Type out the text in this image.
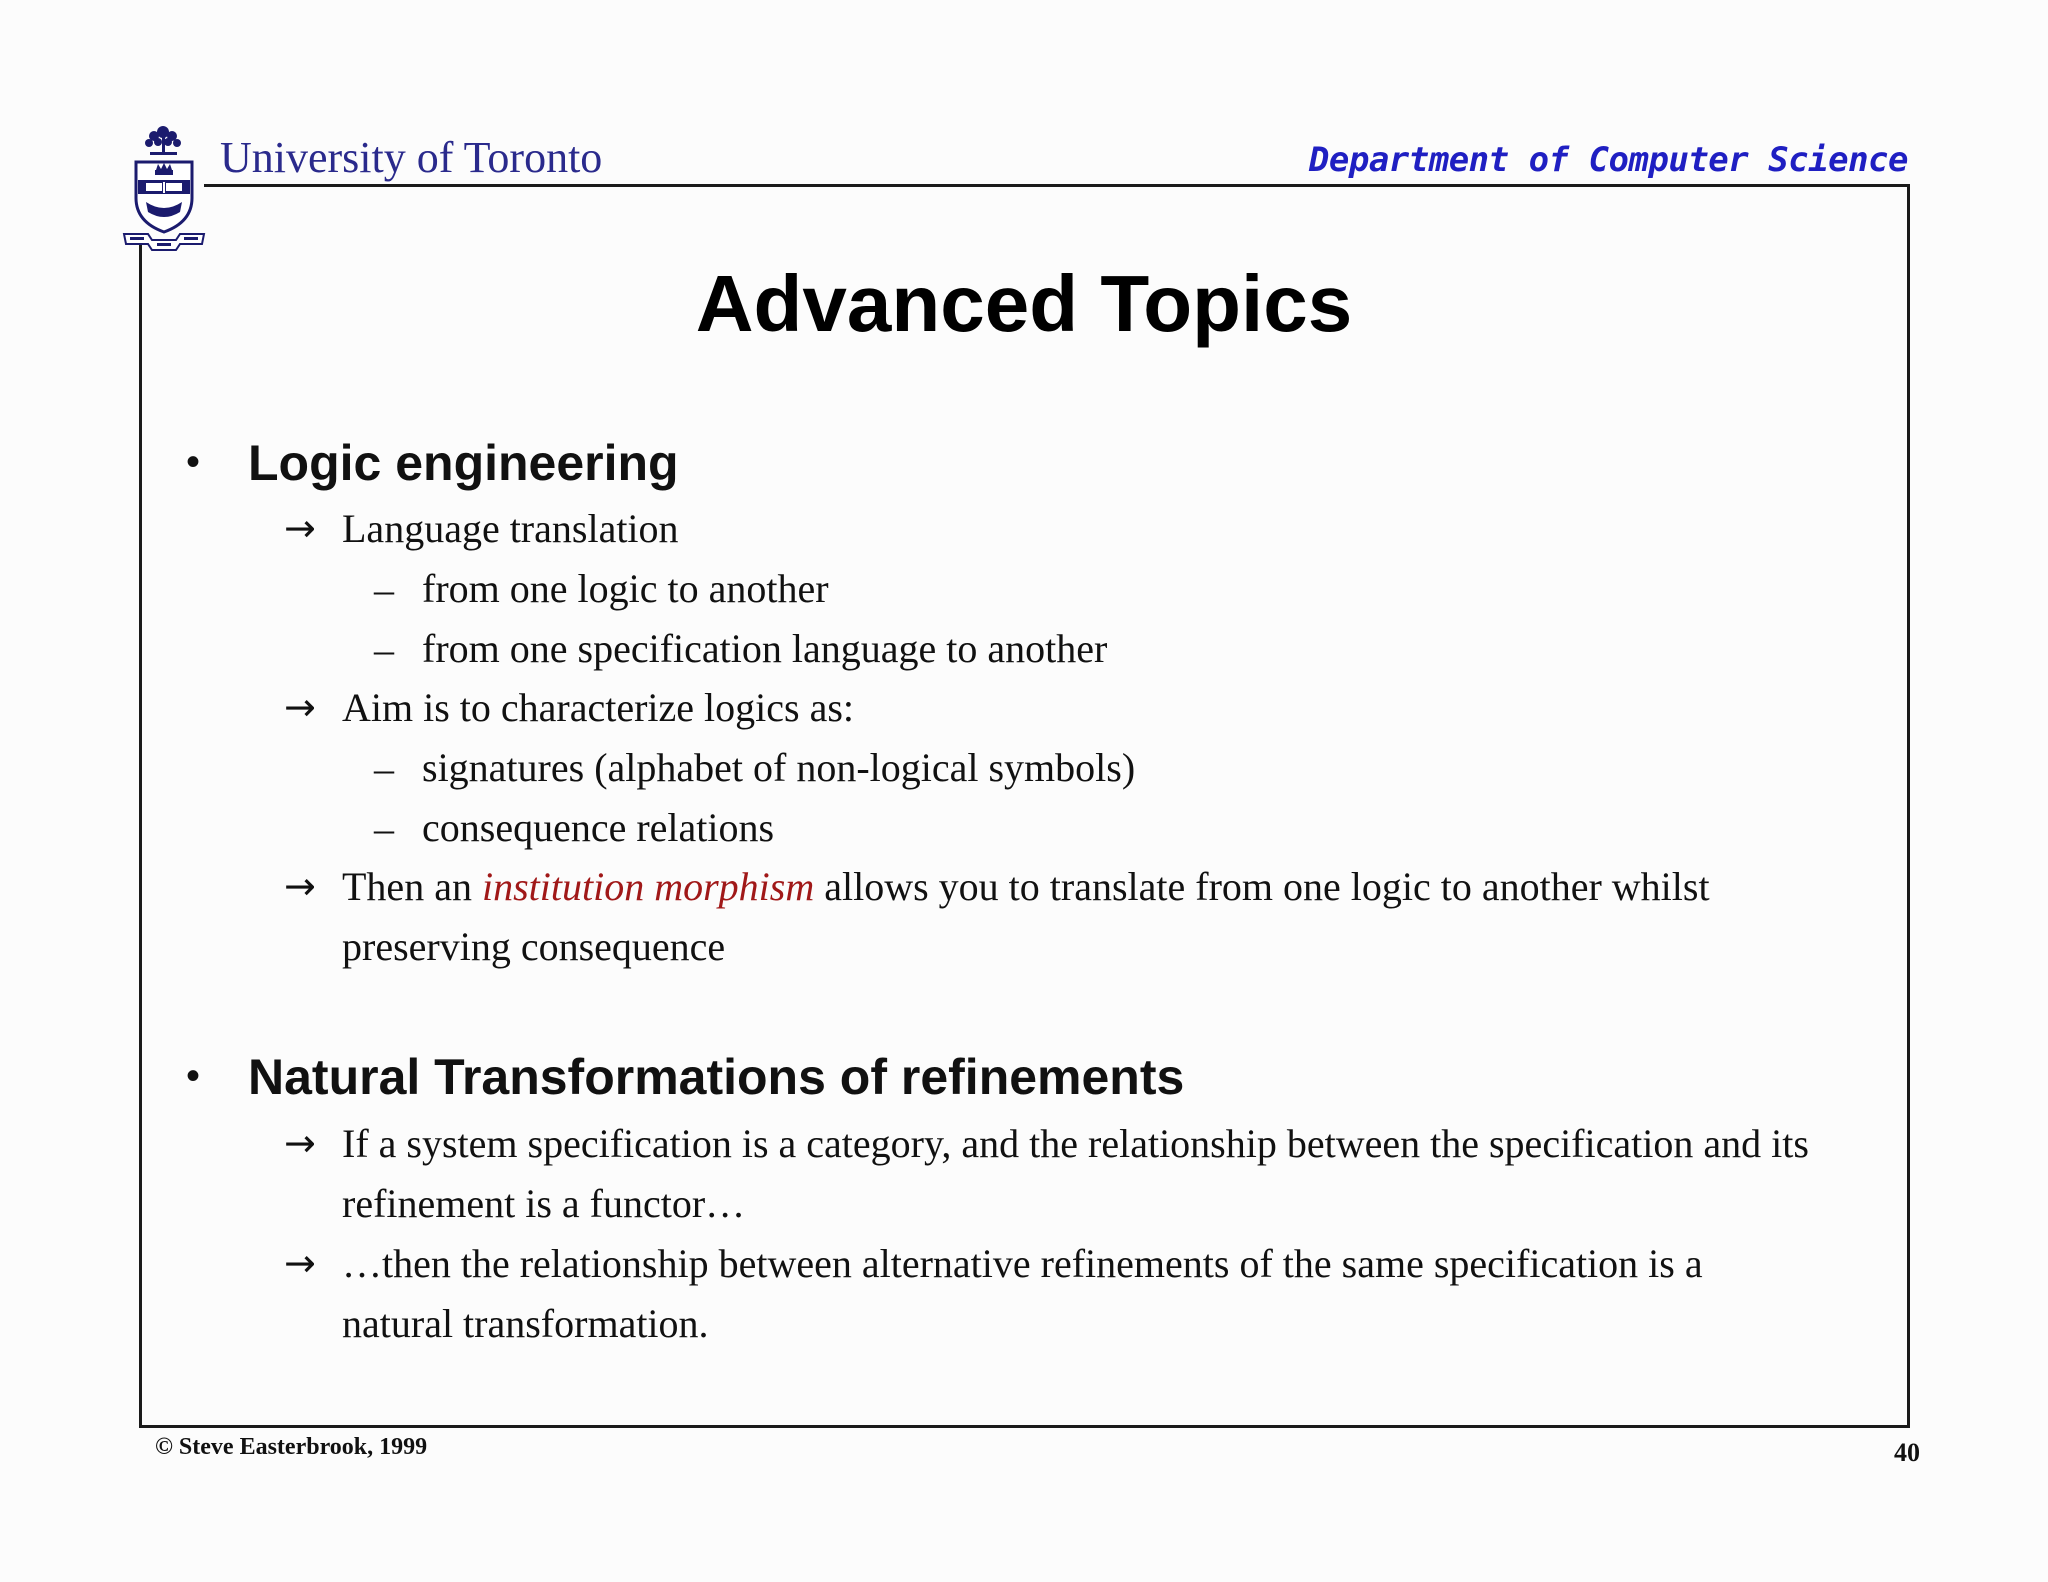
University of Toronto	Department of Computer Science
Advanced Topics
• Logic engineering
→ Language translation
– from one logic to another
– from one specification language to another
→ Aim is to characterize logics as:
– signatures (alphabet of non-logical symbols)
– consequence relations
→ Then an institution morphism allows you to translate from one logic to another whilst
preserving consequence
• Natural Transformations of refinements
→ If a system specification is a category, and the relationship between the specification and its
refinement is a functor…
→ …then the relationship between alternative refinements of the same specification is a
natural transformation.
© Steve Easterbrook, 1999	40
